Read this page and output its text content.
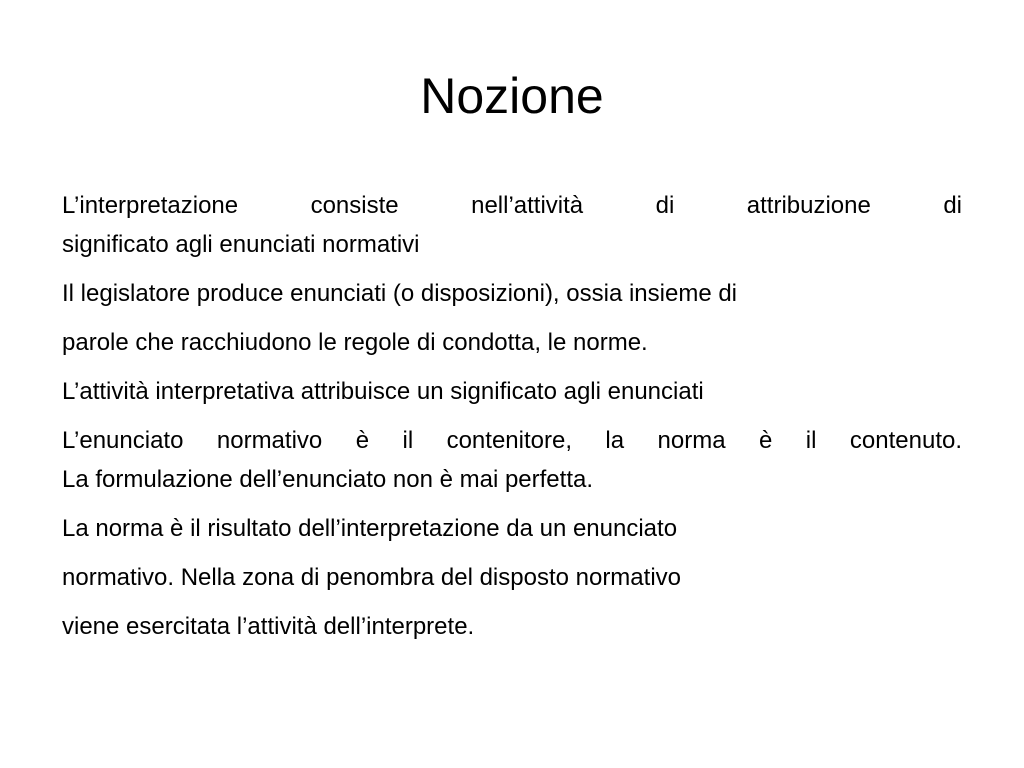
Nozione

L’interpretazione consiste nell’attività di attribuzione di

significato agli enunciati normativi

Il legislatore produce enunciati (o disposizioni), ossia insieme di

parole che racchiudono le regole di condotta, le norme.

L’attività interpretativa attribuisce un significato agli enunciati

L’enunciato normativo è il contenitore, la norma è il contenuto.

La formulazione dell’enunciato non è mai perfetta.

La norma è il risultato dell’interpretazione da un enunciato

normativo. Nella zona di penombra del disposto normativo

viene esercitata l’attività dell’interprete.
